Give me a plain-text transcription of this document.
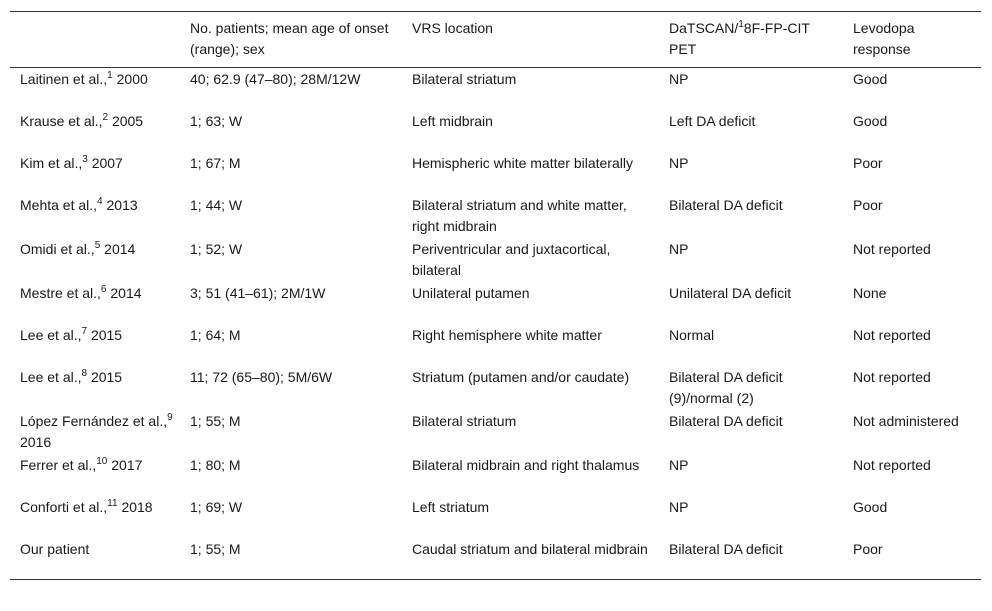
	No. patients; mean age of onset (range); sex	VRS location	DaTSCAN/$^1$8F-FP-CIT PET	Levodopa response
Laitinen et al.,$^1$ 2000	40; 62.9 (47–80); 28M/12W	Bilateral striatum	NP	Good
Krause et al.,$^2$ 2005	1; 63; W	Left midbrain	Left DA deficit	Good
Kim et al.,$^3$ 2007	1; 67; M	Hemispheric white matter bilaterally	NP	Poor
Mehta et al.,$^4$ 2013	1; 44; W	Bilateral striatum and white matter, right midbrain	Bilateral DA deficit	Poor
Omidi et al.,$^5$ 2014	1; 52; W	Periventricular and juxtacortical, bilateral	NP	Not reported
Mestre et al.,$^6$ 2014	3; 51 (41–61); 2M/1W	Unilateral putamen	Unilateral DA deficit	None
Lee et al.,$^7$ 2015	1; 64; M	Right hemisphere white matter	Normal	Not reported
Lee et al.,$^8$ 2015	11; 72 (65–80); 5M/6W	Striatum (putamen and/or caudate)	Bilateral DA deficit (9)/normal (2)	Not reported
López Fernández et al.,$^9$ 2016	1; 55; M	Bilateral striatum	Bilateral DA deficit	Not administered
Ferrer et al.,$^{10}$ 2017	1; 80; M	Bilateral midbrain and right thalamus	NP	Not reported
Conforti et al.,$^{11}$ 2018	1; 69; W	Left striatum	NP	Good
Our patient	1; 55; M	Caudal striatum and bilateral midbrain	Bilateral DA deficit	Poor
